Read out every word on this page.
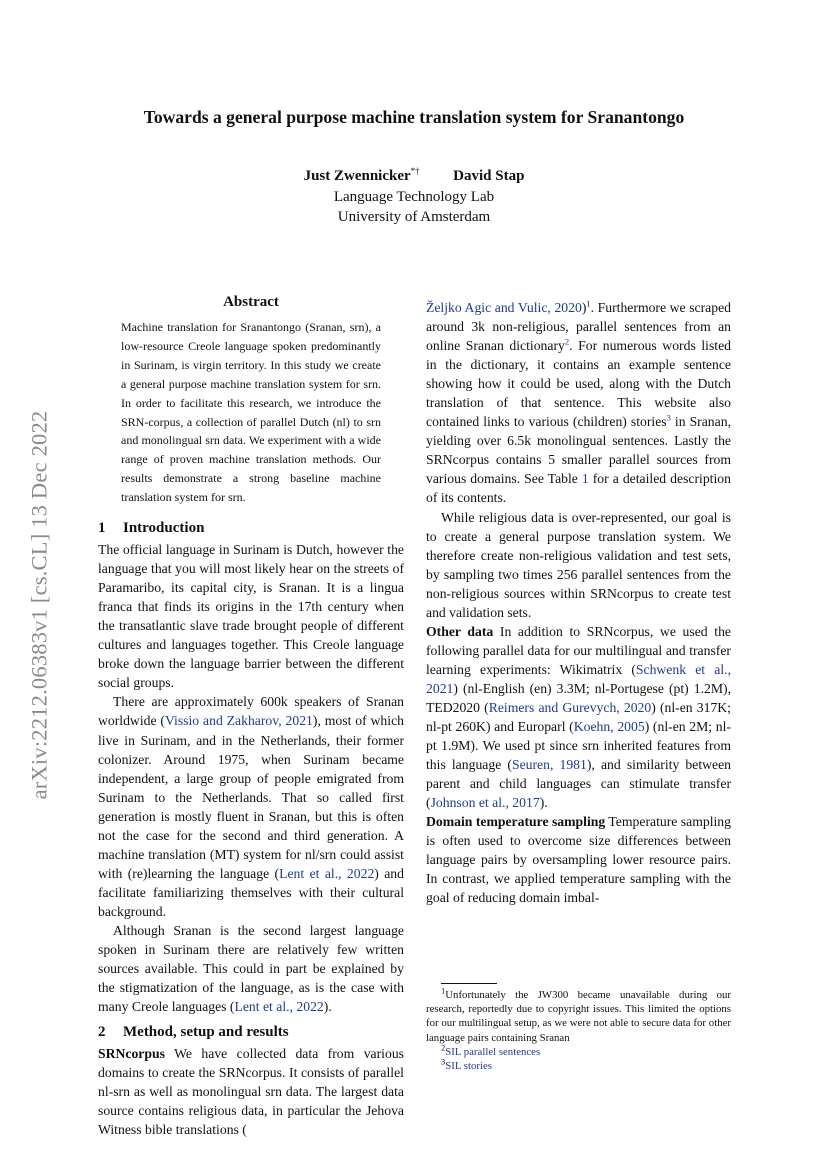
arXiv:2212.06383v1 [cs.CL] 13 Dec 2022
Towards a general purpose machine translation system for Sranantongo
Just Zwennicker*† David Stap
Language Technology Lab
University of Amsterdam
Abstract
Machine translation for Sranantongo (Sranan, srn), a low-resource Creole language spoken predominantly in Surinam, is virgin territory. In this study we create a general purpose machine translation system for srn. In order to facilitate this research, we introduce the SRN-corpus, a collection of parallel Dutch (nl) to srn and monolingual srn data. We experiment with a wide range of proven machine translation methods. Our results demonstrate a strong baseline machine translation system for srn.
1 Introduction

The official language in Surinam is Dutch, however the language that you will most likely hear on the streets of Paramaribo, its capital city, is Sranan. It is a lingua franca that finds its origins in the 17th century when the transatlantic slave trade brought people of different cultures and languages together. This Creole language broke down the language barrier between the different social groups.

There are approximately 600k speakers of Sranan worldwide (Vissio and Zakharov, 2021), most of which live in Surinam, and in the Netherlands, their former colonizer. Around 1975, when Surinam became independent, a large group of people emigrated from Surinam to the Netherlands. That so called first generation is mostly fluent in Sranan, but this is often not the case for the second and third generation. A machine translation (MT) system for nl/srn could assist with (re)learning the language (Lent et al., 2022) and facilitate familiarizing themselves with their cultural background.

Although Sranan is the second largest language spoken in Surinam there are relatively few written sources available. This could in part be explained by the stigmatization of the language, as is the case with many Creole languages (Lent et al., 2022).

2 Method, setup and results

SRNcorpus We have collected data from various domains to create the SRNcorpus. It consists of parallel nl-srn as well as monolingual srn data. The largest data source contains religious data, in particular the Jehova Witness bible translations (

Željko Agic and Vulic, 2020)$^1$. Furthermore we scraped around 3k non-religious, parallel sentences from an online Sranan dictionary$^2$. For numerous words listed in the dictionary, it contains an example sentence showing how it could be used, along with the Dutch translation of that sentence. This website also contained links to various (children) stories$^3$ in Sranan, yielding over 6.5k monolingual sentences. Lastly the SRNcorpus contains 5 smaller parallel sources from various domains. See Table 1 for a detailed description of its contents.

While religious data is over-represented, our goal is to create a general purpose translation system. We therefore create non-religious validation and test sets, by sampling two times 256 parallel sentences from the non-religious sources within SRNcorpus to create test and validation sets.

Other data In addition to SRNcorpus, we used the following parallel data for our multilingual and transfer learning experiments: Wikimatrix (Schwenk et al., 2021) (nl-English (en) 3.3M; nl-Portugese (pt) 1.2M), TED2020 (Reimers and Gurevych, 2020) (nl-en 317K; nl-pt 260K) and Europarl (Koehn, 2005) (nl-en 2M; nl-pt 1.9M). We used pt since srn inherited features from this language (Seuren, 1981), and similarity between parent and child languages can stimulate transfer (Johnson et al., 2017).

Domain temperature sampling Temperature sampling is often used to overcome size differences between language pairs by oversampling lower resource pairs. In contrast, we applied temperature sampling with the goal of reducing domain imbal-

$^1$Unfortunately the JW300 became unavailable during our research, reportedly due to copyright issues. This limited the options for our multilingual setup, as we were not able to secure data for other language pairs containing Sranan

$^2$SIL parallel sentences

$^3$SIL stories
